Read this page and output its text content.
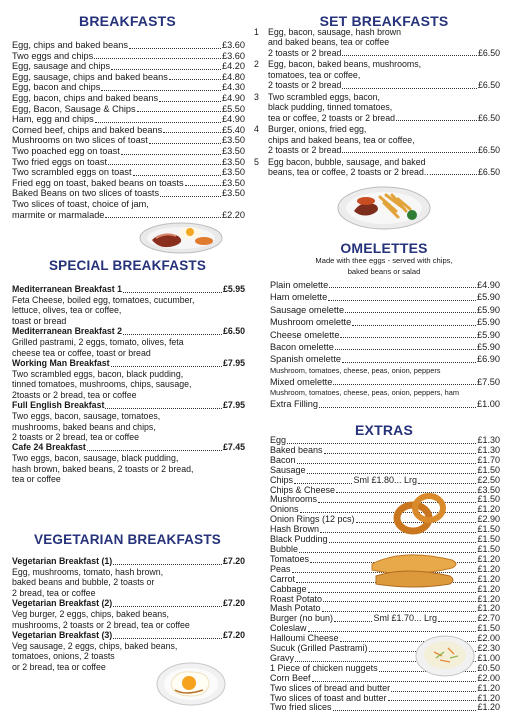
BREAKFASTS
Egg, chips and baked beans	£3.60
Two eggs and chips	£3.60
Egg, sausage and chips	£4.20
Egg, sausage, chips and baked beans	£4.80
Egg, bacon and chips	£4.30
Egg, bacon, chips and baked beans	£4.90
Egg, Bacon, Sausage & Chips	£5.50
Ham, egg and chips	£4.90
Corned beef, chips and baked beans	£5.40
Mushrooms on two slices of toast	£3.50
Two poached egg on toast	£3.50
Two fried eggs on toast	£3.50
Two scrambled eggs on toast	£3.50
Fried egg on toast, baked beans on toasts	£3.50
Baked Beans on two slices of toasts	£3.50
Two slices of toast, choice of jam,
marmite or marmalade	£2.20
SPECIAL BREAKFASTS
Mediterranean Breakfast 1	£5.95
Feta Cheese, boiled egg, tomatoes, cucumber,
lettuce, olives, tea or coffee,
toast or bread
Mediterranean Breakfast 2	£6.50
Grilled pastrami, 2 eggs, tomato, olives, feta
cheese tea or coffee, toast or bread
Working Man Breakfast	£7.95
Two scrambled eggs, bacon, black pudding,
tinned tomatoes, mushrooms, chips, sausage,
2toasts or 2 bread, tea or coffee
Full English Breakfast	£7.95
Two eggs, bacon, sausage, tomatoes,
mushrooms, baked beans and chips,
2 toasts or 2 bread, tea or coffee
Cafe 24 Breakfast	£7.45
Two eggs, bacon, sausage, black pudding,
hash brown, baked beans, 2 toasts or 2 bread,
tea or coffee
VEGETARIAN BREAKFASTS
Vegetarian Breakfast (1)	£7.20
Egg, mushrooms, tomato, hash brown,
baked beans and bubble, 2 toasts or
2 bread, tea or coffee
Vegetarian Breakfast (2)	£7.20
Veg burger, 2 eggs, chips, baked beans,
mushrooms, 2 toasts or 2 bread, tea or coffee
Vegetarian Breakfast (3)	£7.20
Veg sausage, 2 eggs, chips, baked beans,
tomatoes, onions, 2 toasts
or 2 bread, tea or coffee
SET BREAKFASTS
1	Egg, bacon, sausage, hash brown
and baked beans, tea or coffee
2 toasts or 2 bread	£6.50
2	Egg, bacon, baked beans, mushrooms,
tomatoes, tea or coffee,
2 toasts or 2 bread	£6.50
3	Two scrambled eggs, bacon,
black pudding, tinned tomatoes,
tea or coffee, 2 toasts or 2 bread	£6.50
4	Burger, onions, fried egg,
chips and baked beans, tea or coffee,
2 toasts or 2 bread	£6.50
5	Egg bacon, bubble, sausage, and baked
beans, tea or coffee, 2 toasts or 2 bread..	£6.50
OMELETTES
Made with thee eggs - served with chips,
baked beans or salad
Plain omelette	£4.90
Ham omelette	£5.90
Sausage omelette	£5.90
Mushroom omelette	£5.90
Cheese omelette	£5.90
Bacon omelette	£5.90
Spanish omelette	£6.90
Mushroom, tomatoes, cheese, peas, onion, peppers
Mixed omelette	£7.50
Mushroom, tomatoes, cheese, peas, onion, peppers, ham
Extra Filling	£1.00
EXTRAS
Egg	£1.30
Baked beans	£1.30
Bacon	£1.70
Sausage	£1.50
Chips	Sml £1.80... Lrg	£2.50
Chips & Cheese	£3.50
Mushrooms	£1.50
Onions	£1.20
Onion Rings (12 pcs)	£2.90
Hash Brown	£1.50
Black Pudding	£1.50
Bubble	£1.50
Tomatoes	£1.20
Peas	£1.20
Carrot	£1.20
Cabbage	£1.20
Roast Potato	£1.20
Mash Potato	£1.20
Burger (no bun)	Sml £1.70... Lrg	£2.70
Coleslaw	£1.50
Halloumi Cheese	£2.00
Sucuk (Grilled Pastrami)	£2.30
Gravy	£1.00
1 Piece of chicken nuggets	£0.50
Corn Beef	£2.00
Two slices of bread and butter	£1.20
Two slices of toast and butter	£1.20
Two fried slices	£1.20
